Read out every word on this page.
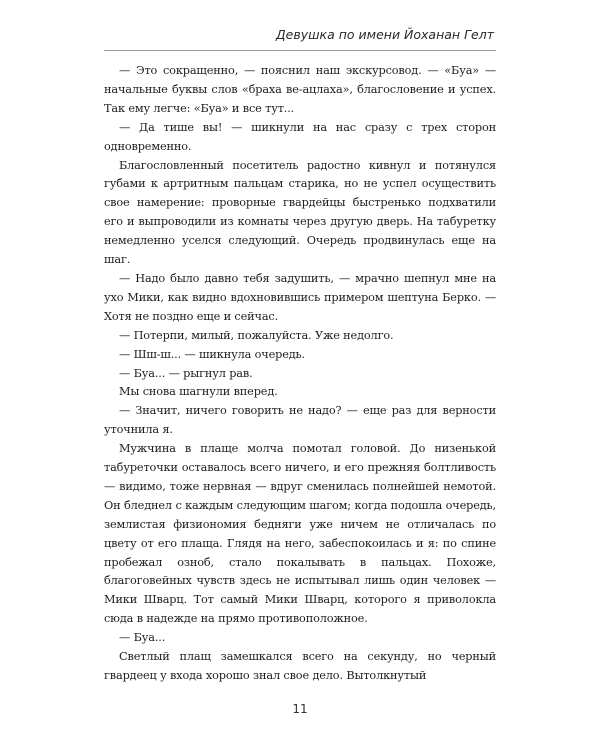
Девушка по имени Йоханан Гелт

— Это сокращенно, — пояснил наш экскурсовод. — «Буа» — начальные буквы слов «браха ве-ацлаха», благословение и успех. Так ему легче: «Буа» и все тут...

— Да тише вы! — шикнули на нас сразу с трех сторон одновременно.

Благословленный посетитель радостно кивнул и потянулся губами к артритным пальцам старика, но не успел осуществить свое намерение: проворные гвардейцы быстренько подхватили его и выпроводили из комнаты через другую дверь. На табуретку немедленно уселся следующий. Очередь продвинулась еще на шаг.

— Надо было давно тебя задушить, — мрачно шепнул мне на ухо Мики, как видно вдохновившись примером шептуна Берко. — Хотя не поздно еще и сейчас.

— Потерпи, милый, пожалуйста. Уже недолго.

— Шш-ш... — шикнула очередь.

— Буа... — рыгнул рав.

Мы снова шагнули вперед.

— Значит, ничего говорить не надо? — еще раз для верности уточнила я.

Мужчина в плаще молча помотал головой. До низенькой табуреточки оставалось всего ничего, и его прежняя болтливость — видимо, тоже нервная — вдруг сменилась полнейшей немотой. Он бледнел с каждым следующим шагом; когда подошла очередь, землистая физиономия бедняги уже ничем не отличалась по цвету от его плаща. Глядя на него, забеспокоилась и я: по спине пробежал озноб, стало покалывать в пальцах. Похоже, благоговейных чувств здесь не испытывал лишь один человек — Мики Шварц. Тот самый Мики Шварц, которого я приволокла сюда в надежде на прямо противоположное.

— Буа...

Светлый плащ замешкался всего на секунду, но черный гвардеец у входа хорошо знал свое дело. Вытолкнутый

11
